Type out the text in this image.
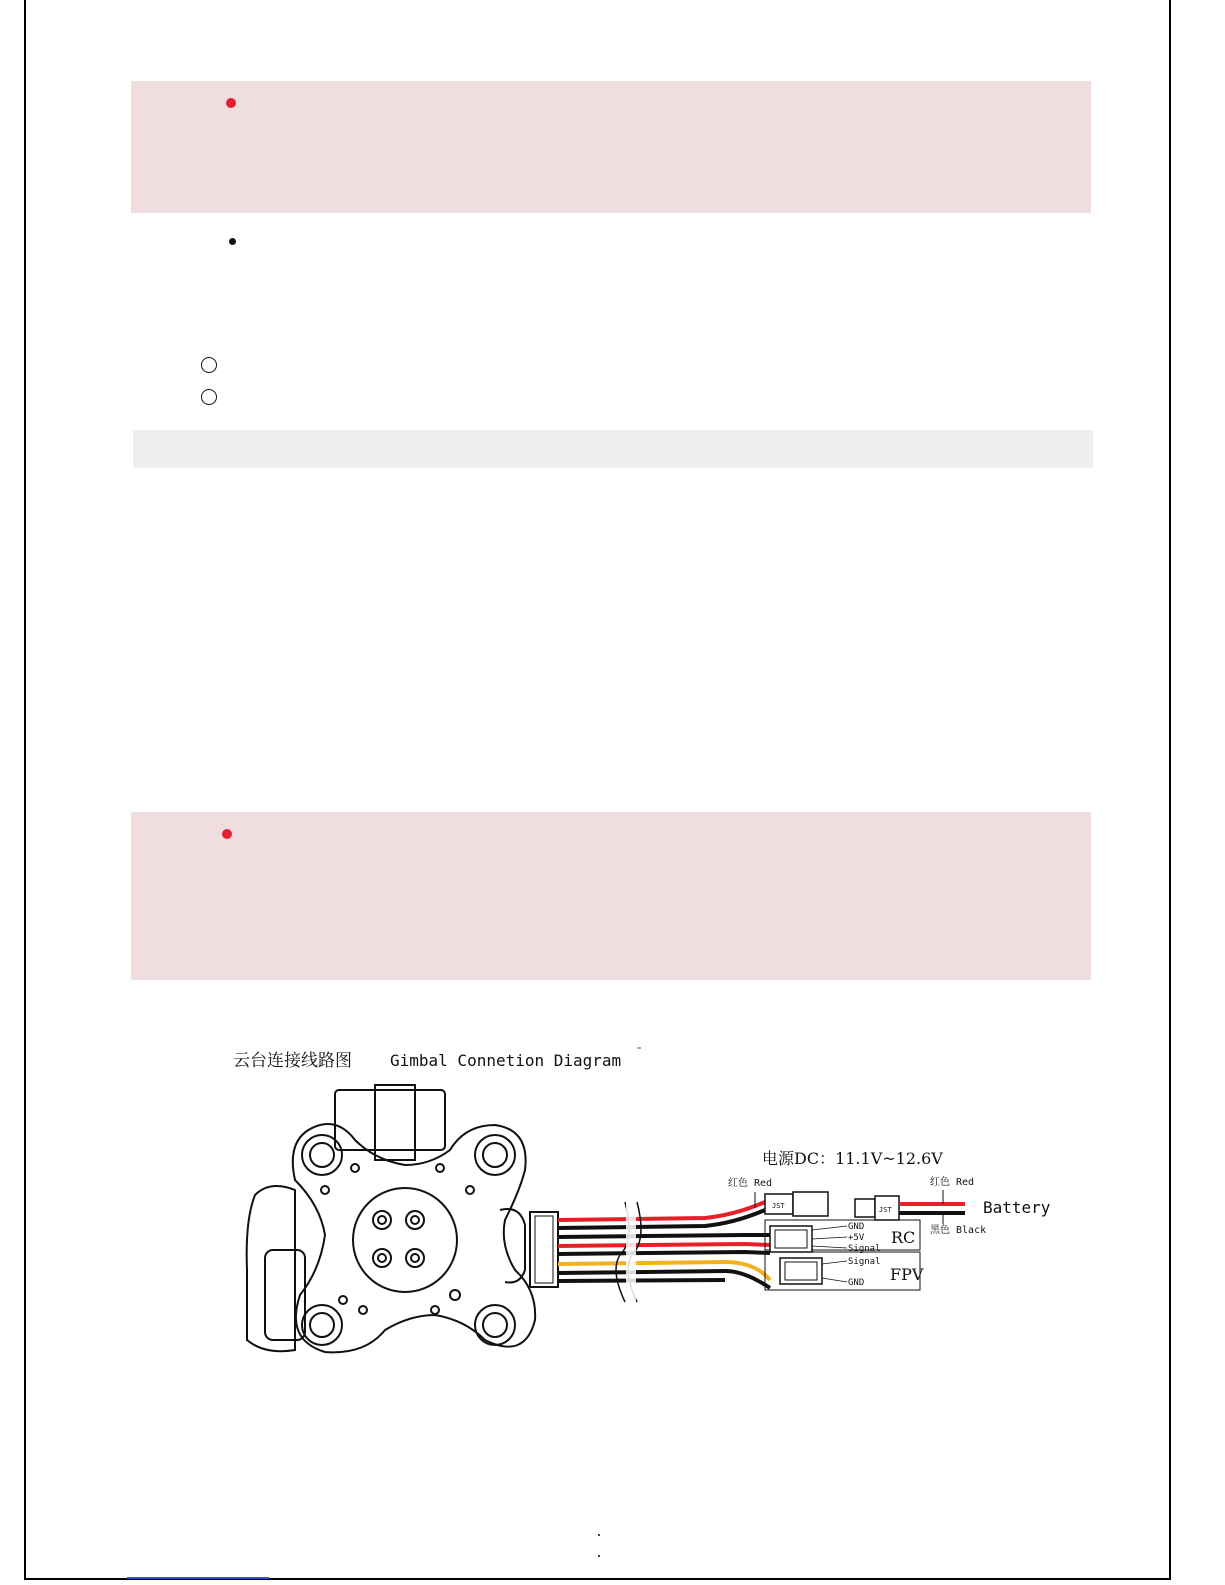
云台连接线路图 Gimbal Connetion Diagram
JST
红色 Red
电源DC：11.1V~12.6V
JST
红色 Red
黑色 Black
Battery
GND
+5V
Signal
RC
Signal
GND FPV
· ·
